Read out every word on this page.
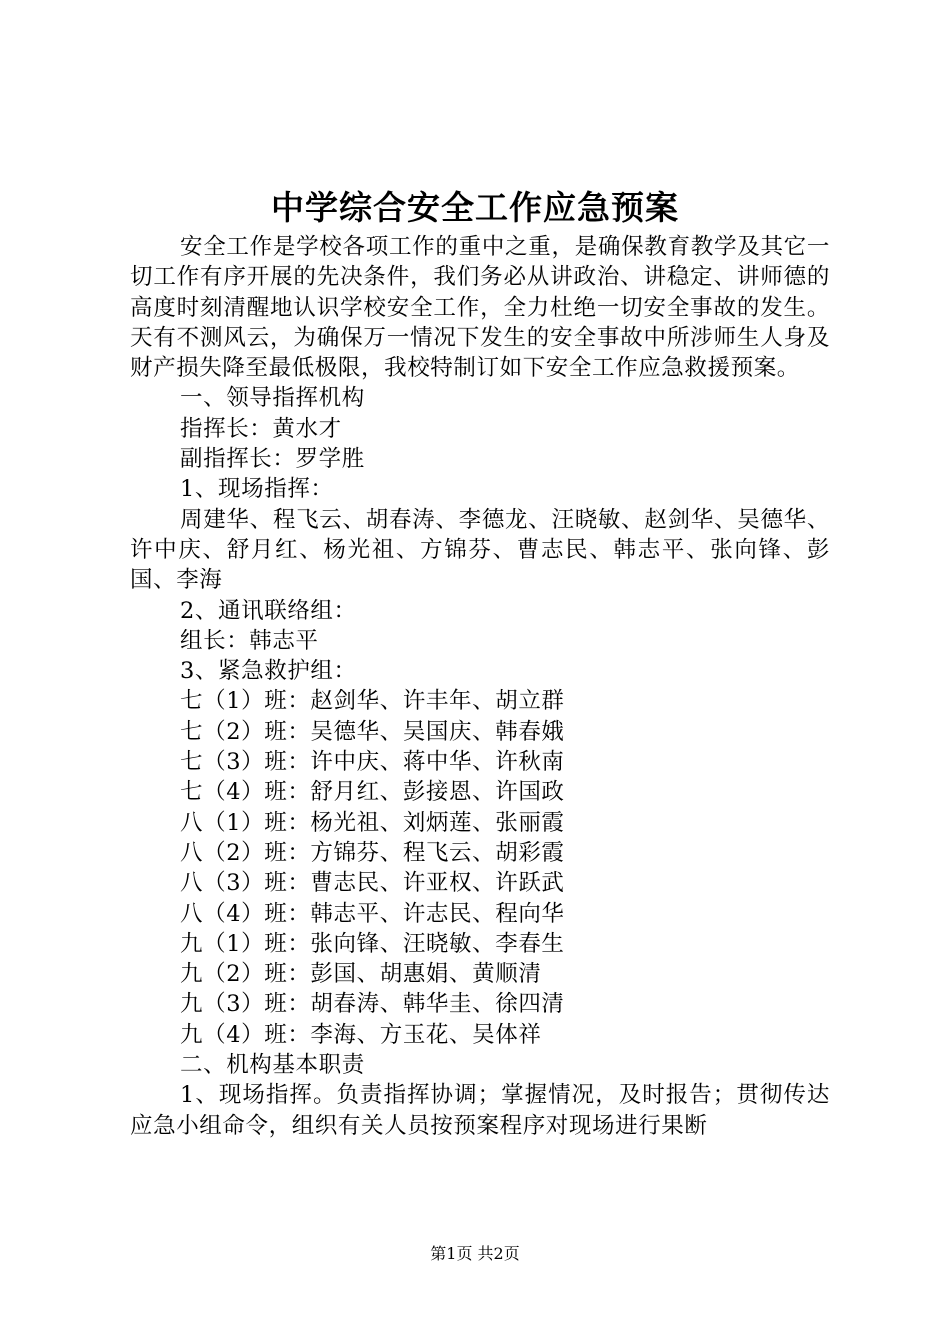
中学综合安全工作应急预案

安全工作是学校各项工作的重中之重，是确保教育教学及其它一切工作有序开展的先决条件，我们务必从讲政治、讲稳定、讲师德的高度时刻清醒地认识学校安全工作，全力杜绝一切安全事故的发生。天有不测风云，为确保万一情况下发生的安全事故中所涉师生人身及财产损失降至最低极限，我校特制订如下安全工作应急救援预案。

一、领导指挥机构

指挥长：黄水才

副指挥长：罗学胜

1、现场指挥：

周建华、程飞云、胡春涛、李德龙、汪晓敏、赵剑华、吴德华、许中庆、舒月红、杨光祖、方锦芬、曹志民、韩志平、张向锋、彭国、李海

2、通讯联络组：

组长：韩志平

3、紧急救护组：

七（1）班：赵剑华、许丰年、胡立群

七（2）班：吴德华、吴国庆、韩春娥

七（3）班：许中庆、蒋中华、许秋南

七（4）班：舒月红、彭接恩、许国政

八（1）班：杨光祖、刘炳莲、张丽霞

八（2）班：方锦芬、程飞云、胡彩霞

八（3）班：曹志民、许亚权、许跃武

八（4）班：韩志平、许志民、程向华

九（1）班：张向锋、汪晓敏、李春生

九（2）班：彭国、胡惠娟、黄顺清

九（3）班：胡春涛、韩华圭、徐四清

九（4）班：李海、方玉花、吴体祥

二、机构基本职责

1、现场指挥。负责指挥协调；掌握情况，及时报告；贯彻传达应急小组命令，组织有关人员按预案程序对现场进行果断

第1页 共2页
